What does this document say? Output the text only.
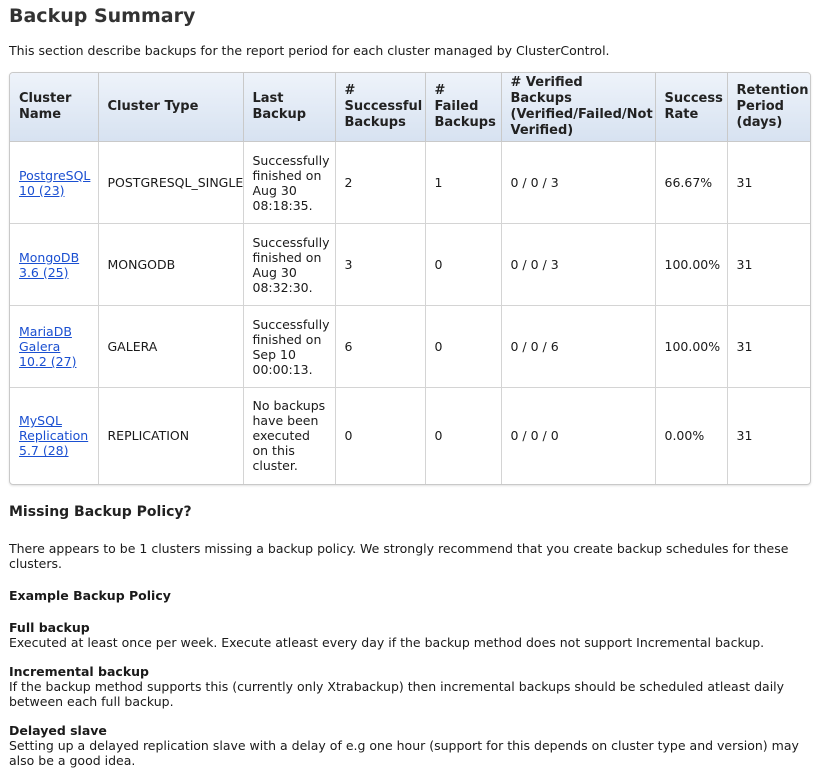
Backup Summary

This section describe backups for the report period for each cluster managed by ClusterControl.

Cluster Name	Cluster Type	Last Backup	# Successful Backups	# Failed Backups	# Verified Backups (Verified/Failed/Not Verified)	Success Rate	Retention Period (days)
PostgreSQL 10 (23)	POSTGRESQL_SINGLE	Successfully finished on Aug 30 08:18:35.	2	1	0 / 0 / 3	66.67%	31
MongoDB 3.6 (25)	MONGODB	Successfully finished on Aug 30 08:32:30.	3	0	0 / 0 / 3	100.00%	31
MariaDB Galera 10.2 (27)	GALERA	Successfully finished on Sep 10 00:00:13.	6	0	0 / 0 / 6	100.00%	31
MySQL Replication 5.7 (28)	REPLICATION	No backups have been executed on this cluster.	0	0	0 / 0 / 0	0.00%	31
Missing Backup Policy?

There appears to be 1 clusters missing a backup policy. We strongly recommend that you create backup schedules for these clusters.

Example Backup Policy

Full backup

Executed at least once per week. Execute atleast every day if the backup method does not support Incremental backup.

Incremental backup

If the backup method supports this (currently only Xtrabackup) then incremental backups should be scheduled atleast daily between each full backup.

Delayed slave

Setting up a delayed replication slave with a delay of e.g one hour (support for this depends on cluster type and version) may also be a good idea.
